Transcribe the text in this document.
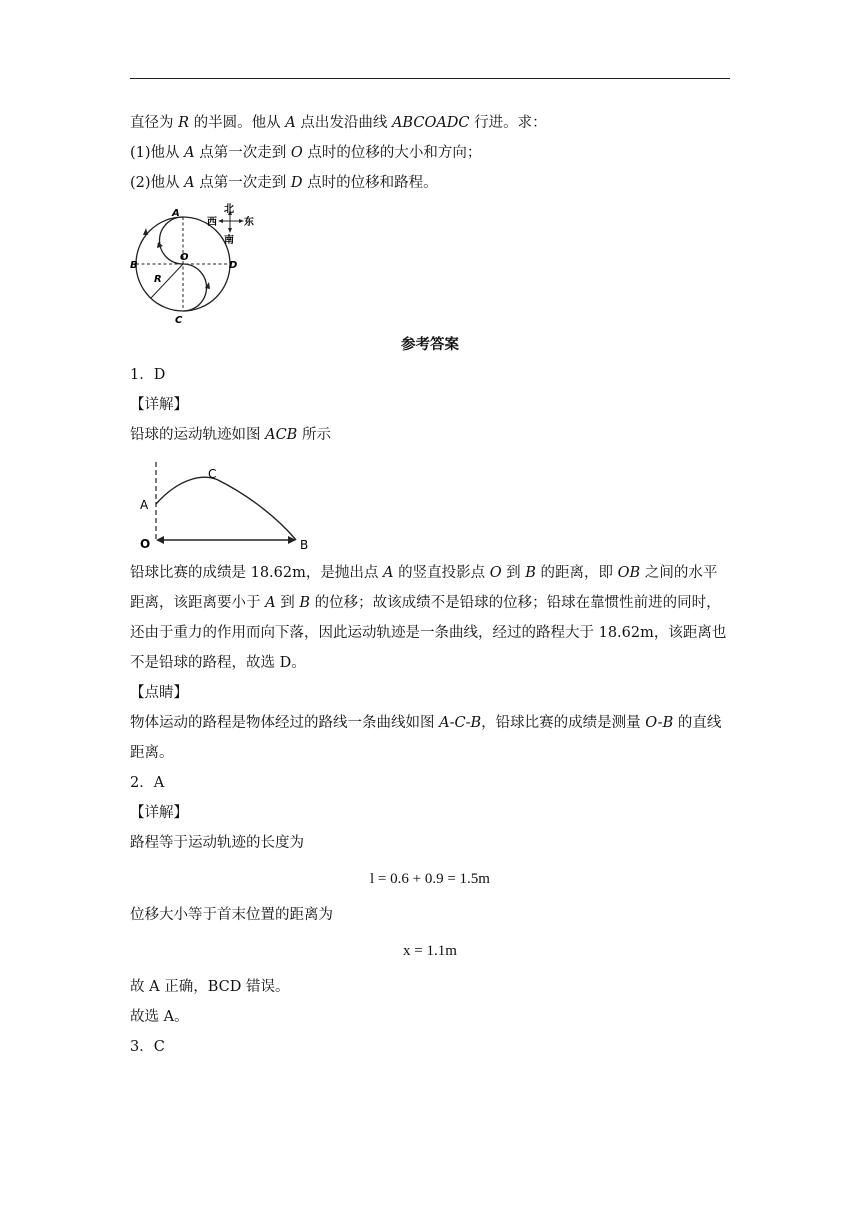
直径为 R 的半圆。他从 A 点出发沿曲线 ABCOADC 行进。求：

(1)他从 A 点第一次走到 O 点时的位移的大小和方向；

(2)他从 A 点第一次走到 D 点时的位移和路程。

A
B
C
D
O
R
北
南
西	东

参考答案

1．D

【详解】

铅球的运动轨迹如图 ACB 所示

A
C
O	B

铅球比赛的成绩是 18.62m，是抛出点 A 的竖直投影点 O 到 B 的距离，即 OB 之间的水平距离，该距离要小于 A 到 B 的位移；故该成绩不是铅球的位移；铅球在靠惯性前进的同时，还由于重力的作用而向下落，因此运动轨迹是一条曲线，经过的路程大于 18.62m，该距离也不是铅球的路程，故选 D。

【点睛】

物体运动的路程是物体经过的路线一条曲线如图 A-C-B，铅球比赛的成绩是测量 O-B 的直线距离。

2．A

【详解】

路程等于运动轨迹的长度为

l = 0.6 + 0.9 = 1.5m

位移大小等于首末位置的距离为

x = 1.1m

故 A 正确，BCD 错误。

故选 A。

3．C
